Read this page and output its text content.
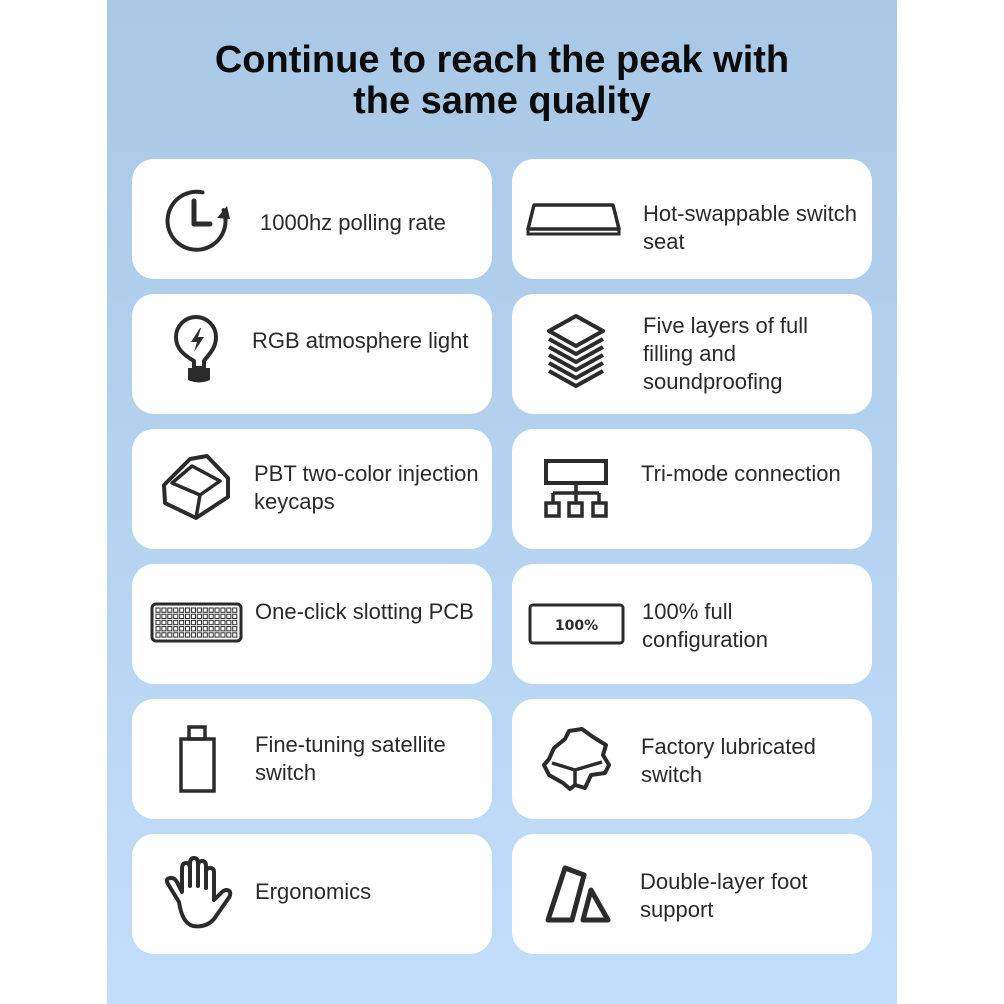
Continue to reach the peak with
the same quality
1000hz polling rate	Hot-swappable switch seat
RGB atmosphere light
Five layers of full filling and soundproofing
PBT two-color injection keycaps
Tri-mode connection
One-click slotting PCB
100%
100% full configuration
Fine-tuning satellite switch
Factory lubricated switch
Ergonomics	Double-layer foot support
